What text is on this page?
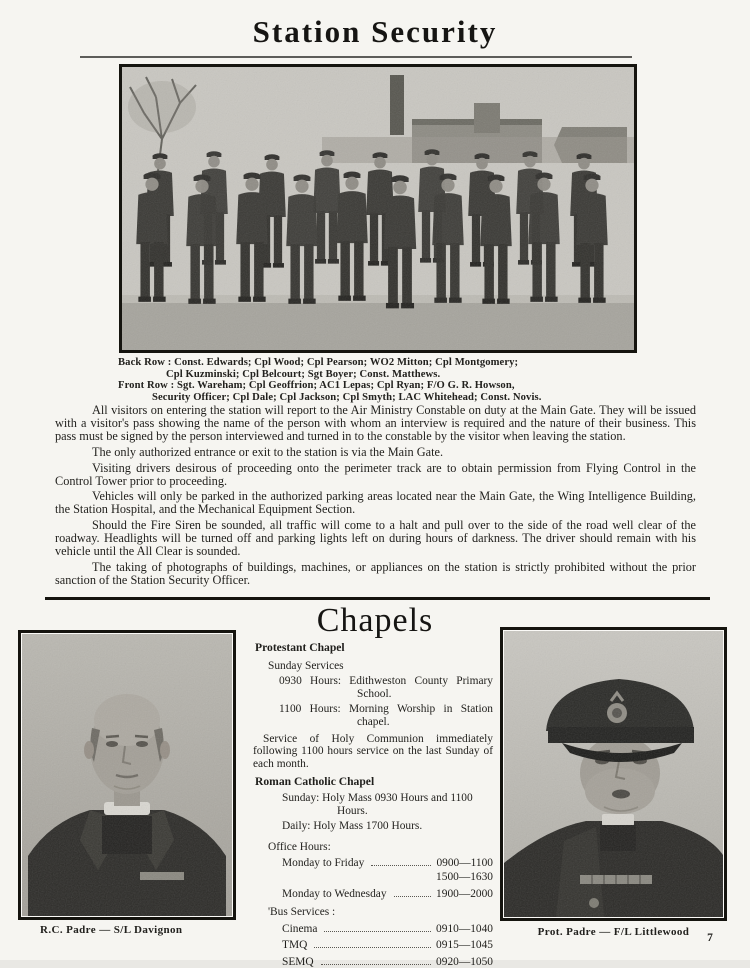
Station Security
Back Row : Const. Edwards; Cpl Wood; Cpl Pearson; WO2 Mitton; Cpl Montgomery;
Cpl Kuzminski; Cpl Belcourt; Sgt Boyer; Const. Matthews.
Front Row : Sgt. Wareham; Cpl Geoffrion; AC1 Lepas; Cpl Ryan; F/O G. R. Howson,
Security Officer; Cpl Dale; Cpl Jackson; Cpl Smyth; LAC Whitehead; Const. Novis.

All visitors on entering the station will report to the Air Ministry Constable on duty at the Main Gate. They will be issued with a visitor's pass showing the name of the person with whom an interview is required and the nature of their business. This pass must be signed by the person interviewed and turned in to the constable by the visitor when leaving the station.

The only authorized entrance or exit to the station is via the Main Gate.

Visiting drivers desirous of proceeding onto the perimeter track are to obtain permission from Flying Control in the Control Tower prior to proceeding.

Vehicles will only be parked in the authorized parking areas located near the Main Gate, the Wing Intelligence Building, the Station Hospital, and the Mechanical Equipment Section.

Should the Fire Siren be sounded, all traffic will come to a halt and pull over to the side of the road well clear of the roadway. Headlights will be turned off and parking lights left on during hours of darkness. The driver should remain with his vehicle until the All Clear is sounded.

The taking of photographs of buildings, machines, or appliances on the station is strictly prohibited without the prior sanction of the Station Security Officer.

Chapels
Protestant Chapel
Sunday Services
0930 Hours: Edithweston County Primary School.
1100 Hours: Morning Worship in Station chapel.
Service of Holy Communion immediately following 1100 hours service on the last Sunday of each month.
Roman Catholic Chapel
Sunday: Holy Mass 0930 Hours and 1100 Hours.
Daily: Holy Mass 1700 Hours.
Office Hours:
Monday to Friday	0900—1100
1500—1630
Monday to Wednesday	1900—2000
'Bus Services :
Cinema	0910—1040
TMQ	0915—1045
SEMQ	0920—1050
R.C. Padre — S/L Davignon	Prot. Padre — F/L Littlewood	7
